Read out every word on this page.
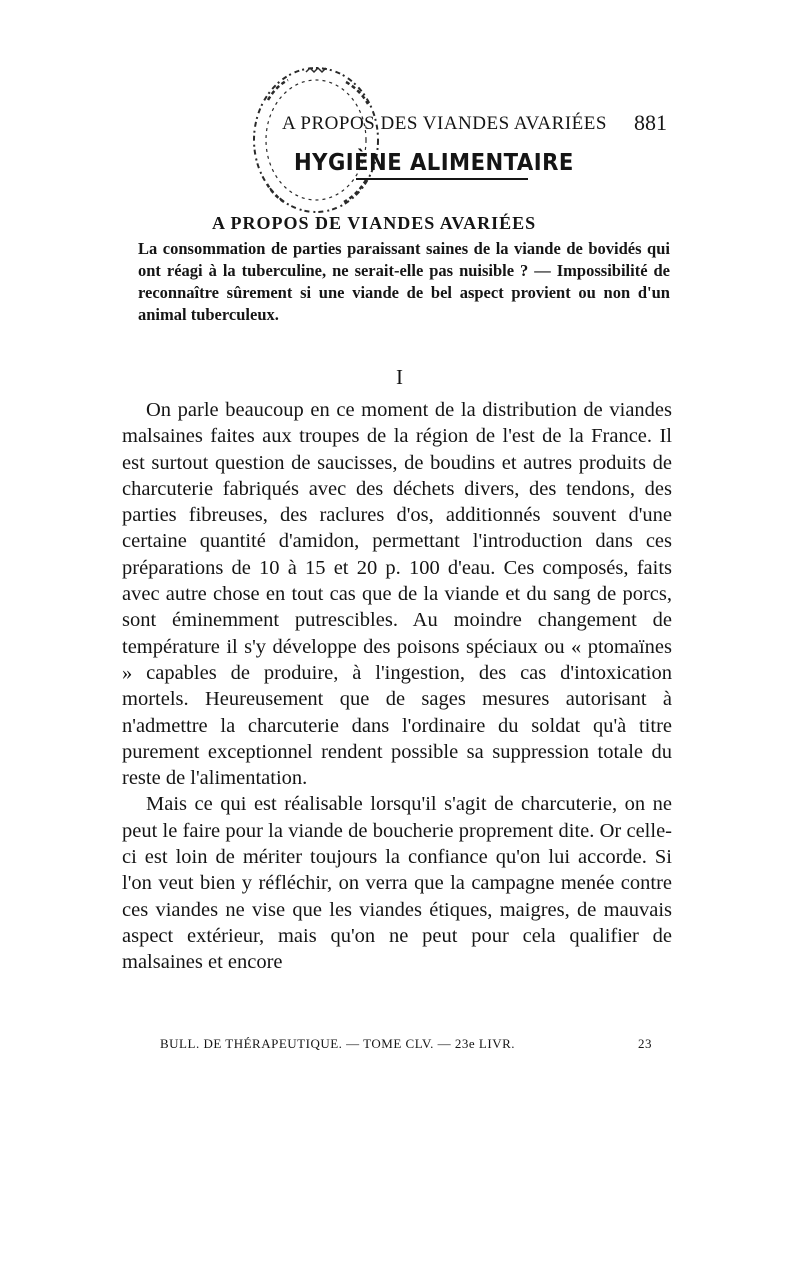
A PROPOS DES VIANDES AVARIÉES 881
HYGIÈNE ALIMENTAIRE
A PROPOS DE VIANDES AVARIÉES
La consommation de parties paraissant saines de la viande de bovidés qui ont réagi à la tuberculine, ne serait-elle pas nuisible ? — Impossibilité de reconnaître sûrement si une viande de bel aspect provient ou non d'un animal tuberculeux.
I

On parle beaucoup en ce moment de la distribution de viandes malsaines faites aux troupes de la région de l'est de la France. Il est surtout question de saucisses, de boudins et autres produits de charcuterie fabriqués avec des déchets divers, des tendons, des parties fibreuses, des raclures d'os, additionnés souvent d'une certaine quantité d'amidon, permettant l'introduction dans ces préparations de 10 à 15 et 20 p. 100 d'eau. Ces composés, faits avec autre chose en tout cas que de la viande et du sang de porcs, sont éminemment putrescibles. Au moindre changement de température il s'y développe des poisons spéciaux ou « ptomaïnes » capables de produire, à l'ingestion, des cas d'intoxication mortels. Heureusement que de sages mesures autorisant à n'admettre la charcuterie dans l'ordinaire du soldat qu'à titre purement exceptionnel rendent possible sa suppression totale du reste de l'alimentation.

Mais ce qui est réalisable lorsqu'il s'agit de charcuterie, on ne peut le faire pour la viande de boucherie proprement dite. Or celle-ci est loin de mériter toujours la confiance qu'on lui accorde. Si l'on veut bien y réfléchir, on verra que la campagne menée contre ces viandes ne vise que les viandes étiques, maigres, de mauvais aspect extérieur, mais qu'on ne peut pour cela qualifier de malsaines et encore

BULL. DE THÉRAPEUTIQUE. — TOME CLV. — 23e LIVR.	23
